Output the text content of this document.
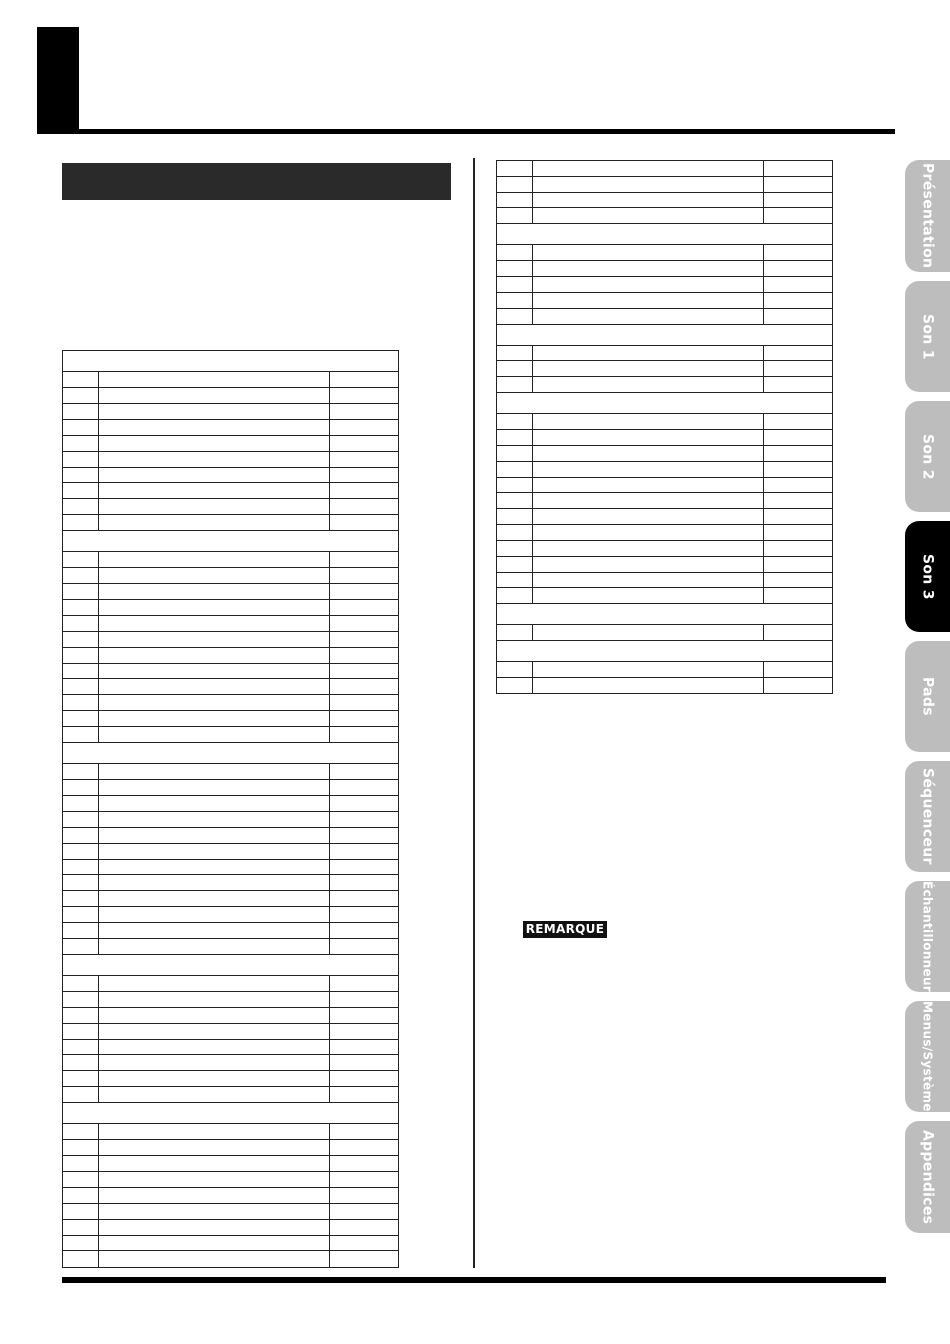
REMARQUE
Présentation
Son 1
Son 2
Son 3
Pads
Séquenceur
Échantillonneur
Menus/Système
Appendices
